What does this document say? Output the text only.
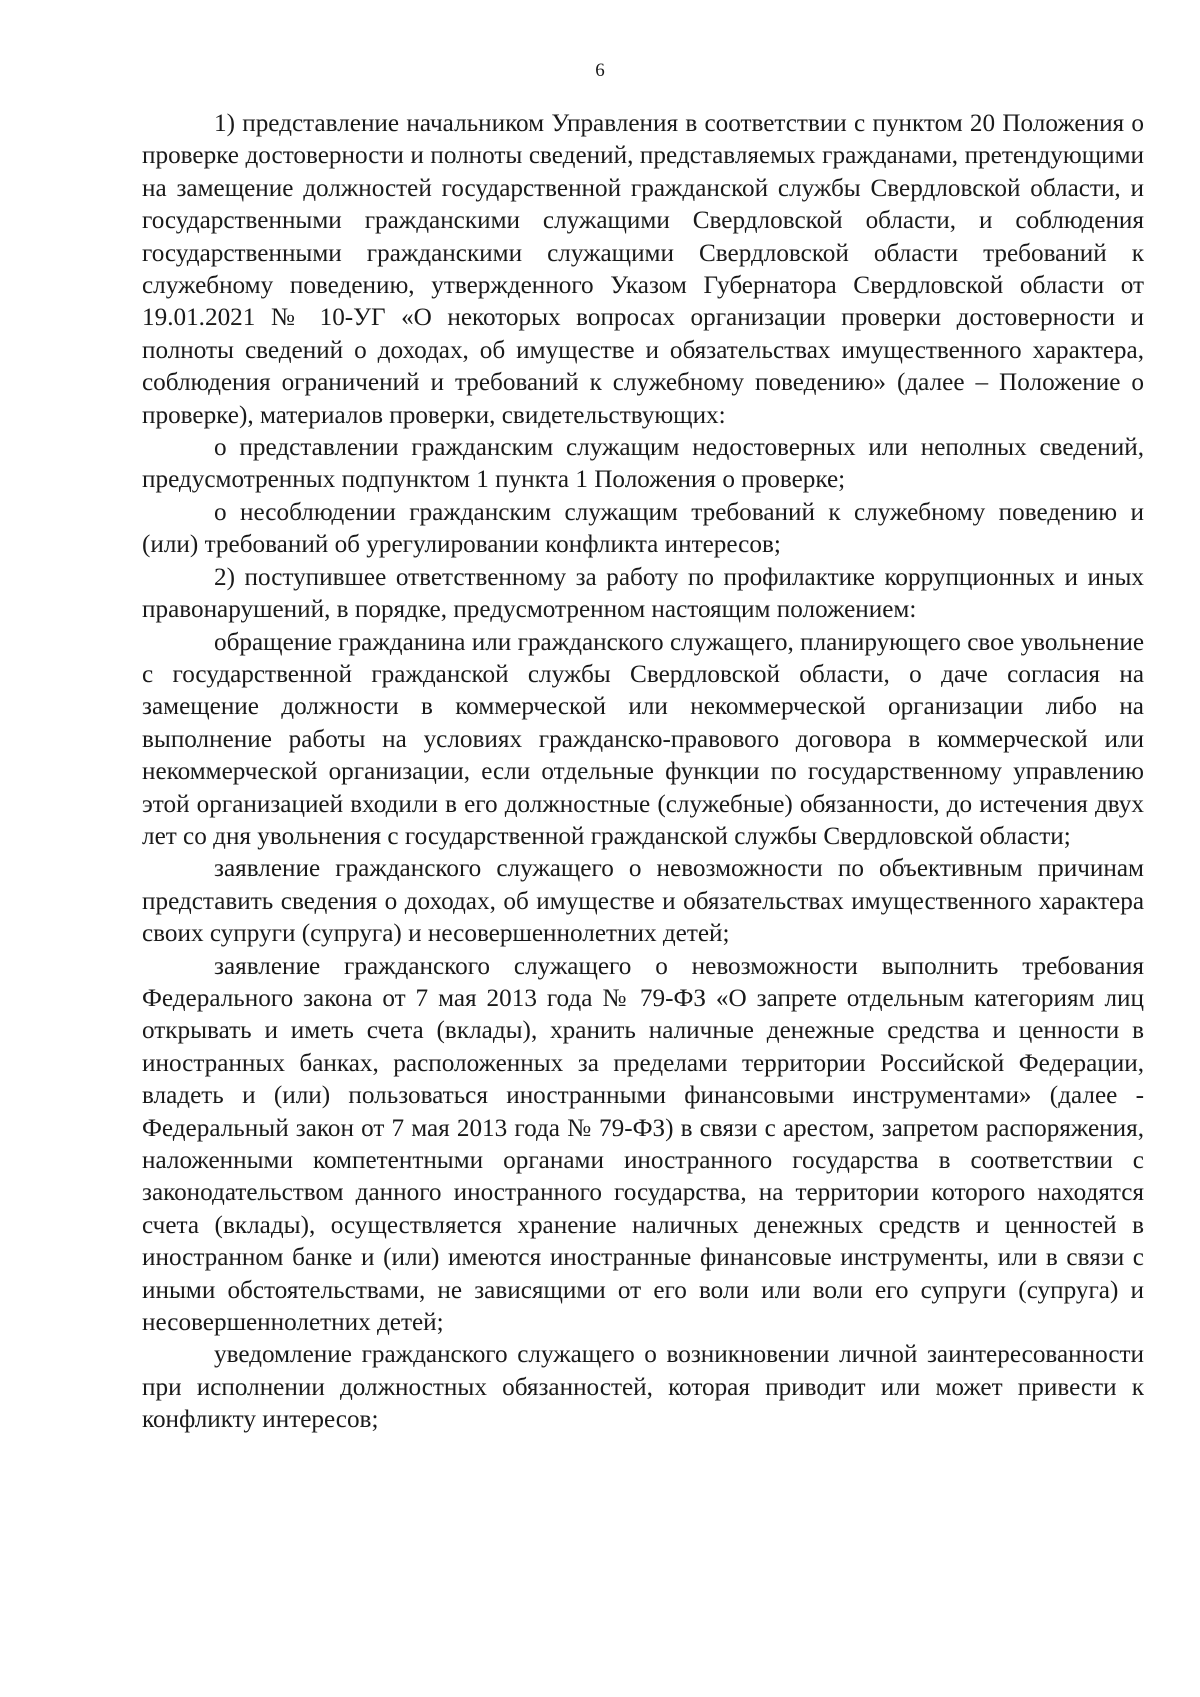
6

1) представление начальником Управления в соответствии с пунктом 20 Положения о проверке достоверности и полноты сведений, представляемых гражданами, претендующими на замещение должностей государственной гражданской службы Свердловской области, и государственными гражданскими служащими Свердловской области, и соблюдения государственными гражданскими служащими Свердловской области требований к служебному поведению, утвержденного Указом Губернатора Свердловской области от 19.01.2021 № 10-УГ «О некоторых вопросах организации проверки достоверности и полноты сведений о доходах, об имуществе и обязательствах имущественного характера, соблюдения ограничений и требований к служебному поведению» (далее – Положение о проверке), материалов проверки, свидетельствующих:

о представлении гражданским служащим недостоверных или неполных сведений, предусмотренных подпунктом 1 пункта 1 Положения о проверке;

о несоблюдении гражданским служащим требований к служебному поведению и (или) требований об урегулировании конфликта интересов;

2) поступившее ответственному за работу по профилактике коррупционных и иных правонарушений, в порядке, предусмотренном настоящим положением:

обращение гражданина или гражданского служащего, планирующего свое увольнение с государственной гражданской службы Свердловской области, о даче согласия на замещение должности в коммерческой или некоммерческой организации либо на выполнение работы на условиях гражданско-правового договора в коммерческой или некоммерческой организации, если отдельные функции по государственному управлению этой организацией входили в его должностные (служебные) обязанности, до истечения двух лет со дня увольнения с государственной гражданской службы Свердловской области;

заявление гражданского служащего о невозможности по объективным причинам представить сведения о доходах, об имуществе и обязательствах имущественного характера своих супруги (супруга) и несовершеннолетних детей;

заявление гражданского служащего о невозможности выполнить требования Федерального закона от 7 мая 2013 года № 79-ФЗ «О запрете отдельным категориям лиц открывать и иметь счета (вклады), хранить наличные денежные средства и ценности в иностранных банках, расположенных за пределами территории Российской Федерации, владеть и (или) пользоваться иностранными финансовыми инструментами» (далее - Федеральный закон от 7 мая 2013 года № 79-ФЗ) в связи с арестом, запретом распоряжения, наложенными компетентными органами иностранного государства в соответствии с законодательством данного иностранного государства, на территории которого находятся счета (вклады), осуществляется хранение наличных денежных средств и ценностей в иностранном банке и (или) имеются иностранные финансовые инструменты, или в связи с иными обстоятельствами, не зависящими от его воли или воли его супруги (супруга) и несовершеннолетних детей;

уведомление гражданского служащего о возникновении личной заинтересованности при исполнении должностных обязанностей, которая приводит или может привести к конфликту интересов;
